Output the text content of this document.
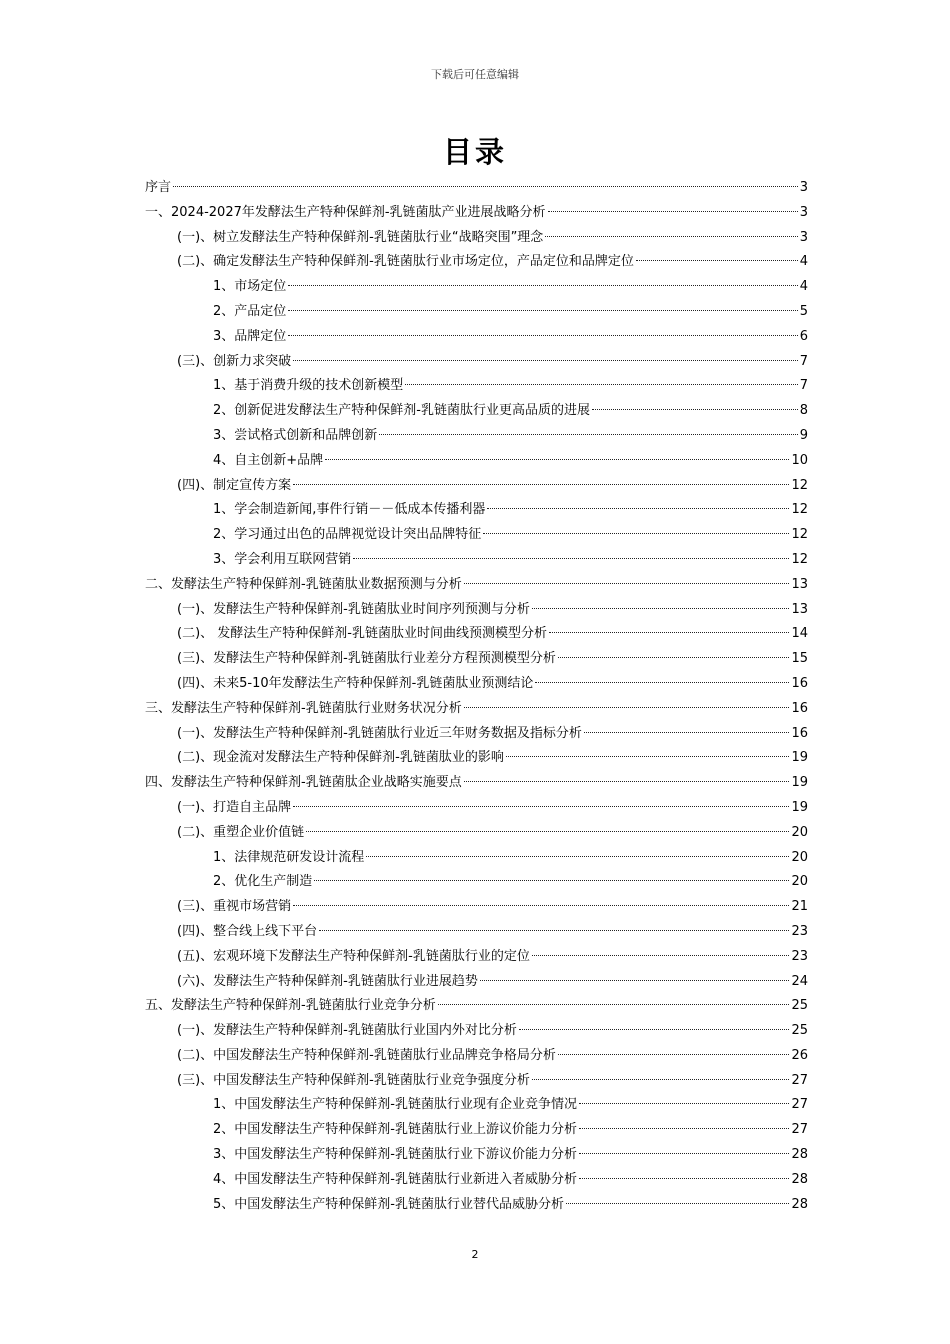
下载后可任意编辑
目录
序言	3
一、2024-2027年发酵法生产特种保鲜剂-乳链菌肽产业进展战略分析	3
(一)、树立发酵法生产特种保鲜剂-乳链菌肽行业“战略突围”理念	3
(二)、确定发酵法生产特种保鲜剂-乳链菌肽行业市场定位，产品定位和品牌定位	4
1、市场定位	4
2、产品定位	5
3、品牌定位	6
(三)、创新力求突破	7
1、基于消费升级的技术创新模型	7
2、创新促进发酵法生产特种保鲜剂-乳链菌肽行业更高品质的进展	8
3、尝试格式创新和品牌创新	9
4、自主创新+品牌	10
(四)、制定宣传方案	12
1、学会制造新闻,事件行销－－低成本传播利器	12
2、学习通过出色的品牌视觉设计突出品牌特征	12
3、学会利用互联网营销	12
二、发酵法生产特种保鲜剂-乳链菌肽业数据预测与分析	13
(一)、发酵法生产特种保鲜剂-乳链菌肽业时间序列预测与分析	13
(二)、 发酵法生产特种保鲜剂-乳链菌肽业时间曲线预测模型分析	14
(三)、发酵法生产特种保鲜剂-乳链菌肽行业差分方程预测模型分析	15
(四)、未来5-10年发酵法生产特种保鲜剂-乳链菌肽业预测结论	16
三、发酵法生产特种保鲜剂-乳链菌肽行业财务状况分析	16
(一)、发酵法生产特种保鲜剂-乳链菌肽行业近三年财务数据及指标分析	16
(二)、现金流对发酵法生产特种保鲜剂-乳链菌肽业的影响	19
四、发酵法生产特种保鲜剂-乳链菌肽企业战略实施要点	19
(一)、打造自主品牌	19
(二)、重塑企业价值链	20
1、法律规范研发设计流程	20
2、优化生产制造	20
(三)、重视市场营销	21
(四)、整合线上线下平台	23
(五)、宏观环境下发酵法生产特种保鲜剂-乳链菌肽行业的定位	23
(六)、发酵法生产特种保鲜剂-乳链菌肽行业进展趋势	24
五、发酵法生产特种保鲜剂-乳链菌肽行业竞争分析	25
(一)、发酵法生产特种保鲜剂-乳链菌肽行业国内外对比分析	25
(二)、中国发酵法生产特种保鲜剂-乳链菌肽行业品牌竞争格局分析	26
(三)、中国发酵法生产特种保鲜剂-乳链菌肽行业竞争强度分析	27
1、中国发酵法生产特种保鲜剂-乳链菌肽行业现有企业竞争情况	27
2、中国发酵法生产特种保鲜剂-乳链菌肽行业上游议价能力分析	27
3、中国发酵法生产特种保鲜剂-乳链菌肽行业下游议价能力分析	28
4、中国发酵法生产特种保鲜剂-乳链菌肽行业新进入者威胁分析	28
5、中国发酵法生产特种保鲜剂-乳链菌肽行业替代品威胁分析	28
2
